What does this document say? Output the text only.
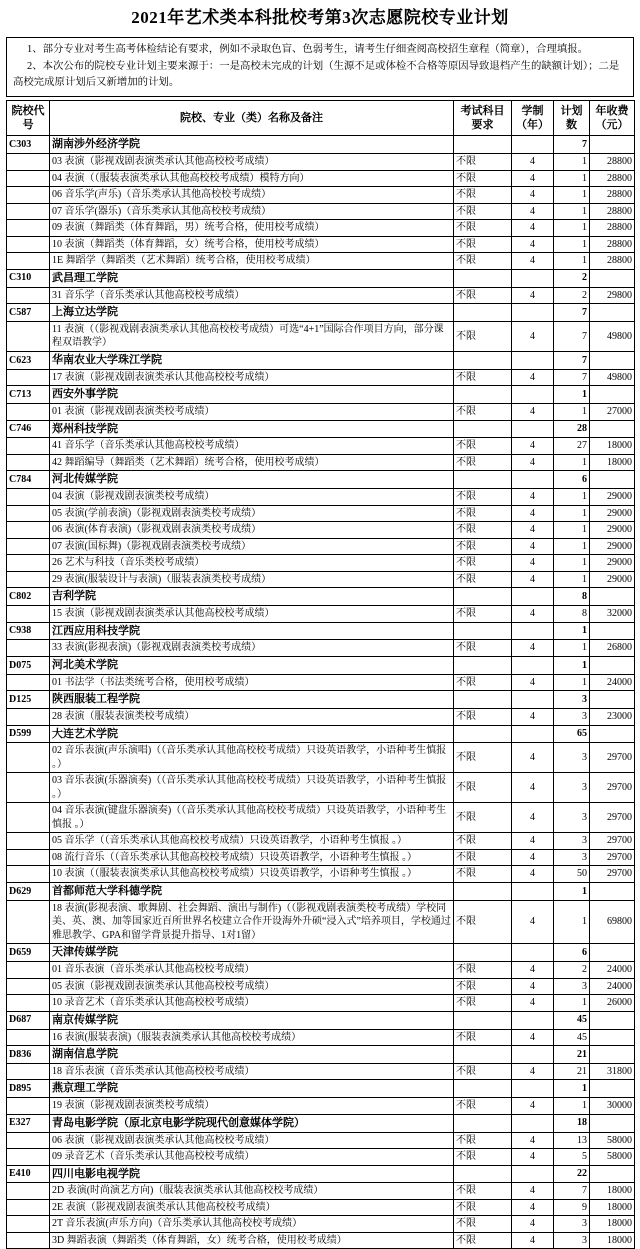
2021年艺术类本科批校考第3次志愿院校专业计划

1、部分专业对考生高考体检结论有要求，例如不录取色盲、色弱考生，请考生仔细查阅高校招生章程（简章），合理填报。

2、本次公布的院校专业计划主要来源于：一是高校未完成的计划（生源不足或体检不合格等原因导致退档产生的缺额计划）；二是高校完成原计划后又新增加的计划。

院校代号	院校、专业（类）名称及备注	考试科目要求	学制（年）	计划数	年收费（元）
C303	湖南涉外经济学院			7	
	03 表演（影视戏剧表演类承认其他高校校考成绩）	不限	4	1	28800
	04 表演（（服装表演类承认其他高校校考成绩）模特方向）	不限	4	1	28800
	06 音乐学(声乐)（音乐类承认其他高校校考成绩）	不限	4	1	28800
	07 音乐学(器乐)（音乐类承认其他高校校考成绩）	不限	4	1	28800
	09 表演（舞蹈类（体育舞蹈，男）统考合格，使用校考成绩）	不限	4	1	28800
	10 表演（舞蹈类（体育舞蹈，女）统考合格，使用校考成绩）	不限	4	1	28800
	1E 舞蹈学（舞蹈类（艺术舞蹈）统考合格，使用校考成绩）	不限	4	1	28800
C310	武昌理工学院			2	
	31 音乐学（音乐类承认其他高校校考成绩）	不限	4	2	29800
C587	上海立达学院			7	
	11 表演（（影视戏剧表演类承认其他高校校考成绩）可选“4+1”国际合作项目方向，部分课程双语教学）	不限	4	7	49800
C623	华南农业大学珠江学院			7	
	17 表演（影视戏剧表演类承认其他高校校考成绩）	不限	4	7	49800
C713	西安外事学院			1	
	01 表演（影视戏剧表演类校考成绩）	不限	4	1	27000
C746	郑州科技学院			28	
	41 音乐学（音乐类承认其他高校校考成绩）	不限	4	27	18000
	42 舞蹈编导（舞蹈类（艺术舞蹈）统考合格，使用校考成绩）	不限	4	1	18000
C784	河北传媒学院			6	
	04 表演（影视戏剧表演类校考成绩）	不限	4	1	29000
	05 表演(学前表演)（影视戏剧表演类校考成绩）	不限	4	1	29000
	06 表演(体育表演)（影视戏剧表演类校考成绩）	不限	4	1	29000
	07 表演(国标舞)（影视戏剧表演类校考成绩）	不限	4	1	29000
	26 艺术与科技（音乐类校考成绩）	不限	4	1	29000
	29 表演(服装设计与表演)（服装表演类校考成绩）	不限	4	1	29000
C802	吉利学院			8	
	15 表演（影视戏剧表演类承认其他高校校考成绩）	不限	4	8	32000
C938	江西应用科技学院			1	
	33 表演(影视表演)（影视戏剧表演类校考成绩）	不限	4	1	26800
D075	河北美术学院			1	
	01 书法学（书法类统考合格，使用校考成绩）	不限	4	1	24000
D125	陕西服装工程学院			3	
	28 表演（服装表演类校考成绩）	不限	4	3	23000
D599	大连艺术学院			65	
	02 音乐表演(声乐演唱)（（音乐类承认其他高校校考成绩）只设英语教学，小语种考生慎报 。）	不限	4	3	29700
	03 音乐表演(乐器演奏)（（音乐类承认其他高校校考成绩）只设英语教学，小语种考生慎报 。）	不限	4	3	29700
	04 音乐表演(键盘乐器演奏)（（音乐类承认其他高校校考成绩）只设英语教学，小语种考生慎报 。）	不限	4	3	29700
	05 音乐学（（音乐类承认其他高校校考成绩）只设英语教学，小语种考生慎报 。）	不限	4	3	29700
	08 流行音乐（（音乐类承认其他高校校考成绩）只设英语教学，小语种考生慎报 。）	不限	4	3	29700
	10 表演（（服装表演类承认其他高校校考成绩）只设英语教学，小语种考生慎报 。）	不限	4	50	29700
D629	首都师范大学科德学院			1	
	18 表演(影视表演、歌舞剧、社会舞蹈、演出与制作)（（影视戏剧表演类校考成绩）学校同美、英、澳、加等国家近百所世界名校建立合作开设海外升硕“浸入式”培养项目，学校通过雅思教学、GPA和留学背景提升指导、1对1留）	不限	4	1	69800
D659	天津传媒学院			6	
	01 音乐表演（音乐类承认其他高校校考成绩）	不限	4	2	24000
	05 表演（影视戏剧表演类承认其他高校校考成绩）	不限	4	3	24000
	10 录音艺术（音乐类承认其他高校校考成绩）	不限	4	1	26000
D687	南京传媒学院			45	
	16 表演(服装表演)（服装表演类承认其他高校校考成绩）	不限	4	45	
D836	湖南信息学院			21	
	18 音乐表演（音乐类承认其他高校校考成绩）	不限	4	21	31800
D895	燕京理工学院			1	
	19 表演（影视戏剧表演类校考成绩）	不限	4	1	30000
E327	青岛电影学院（原北京电影学院现代创意媒体学院）			18	
	06 表演（影视戏剧表演类承认其他高校校考成绩）	不限	4	13	58000
	09 录音艺术（音乐类承认其他高校校考成绩）	不限	4	5	58000
E410	四川电影电视学院			22	
	2D 表演(时尚演艺方向)（服装表演类承认其他高校校考成绩）	不限	4	7	18000
	2E 表演（影视戏剧表演类承认其他高校校考成绩）	不限	4	9	18000
	2T 音乐表演(声乐方向)（音乐类承认其他高校校考成绩）	不限	4	3	18000
	3D 舞蹈表演（舞蹈类（体育舞蹈，女）统考合格，使用校考成绩）	不限	4	3	18000
